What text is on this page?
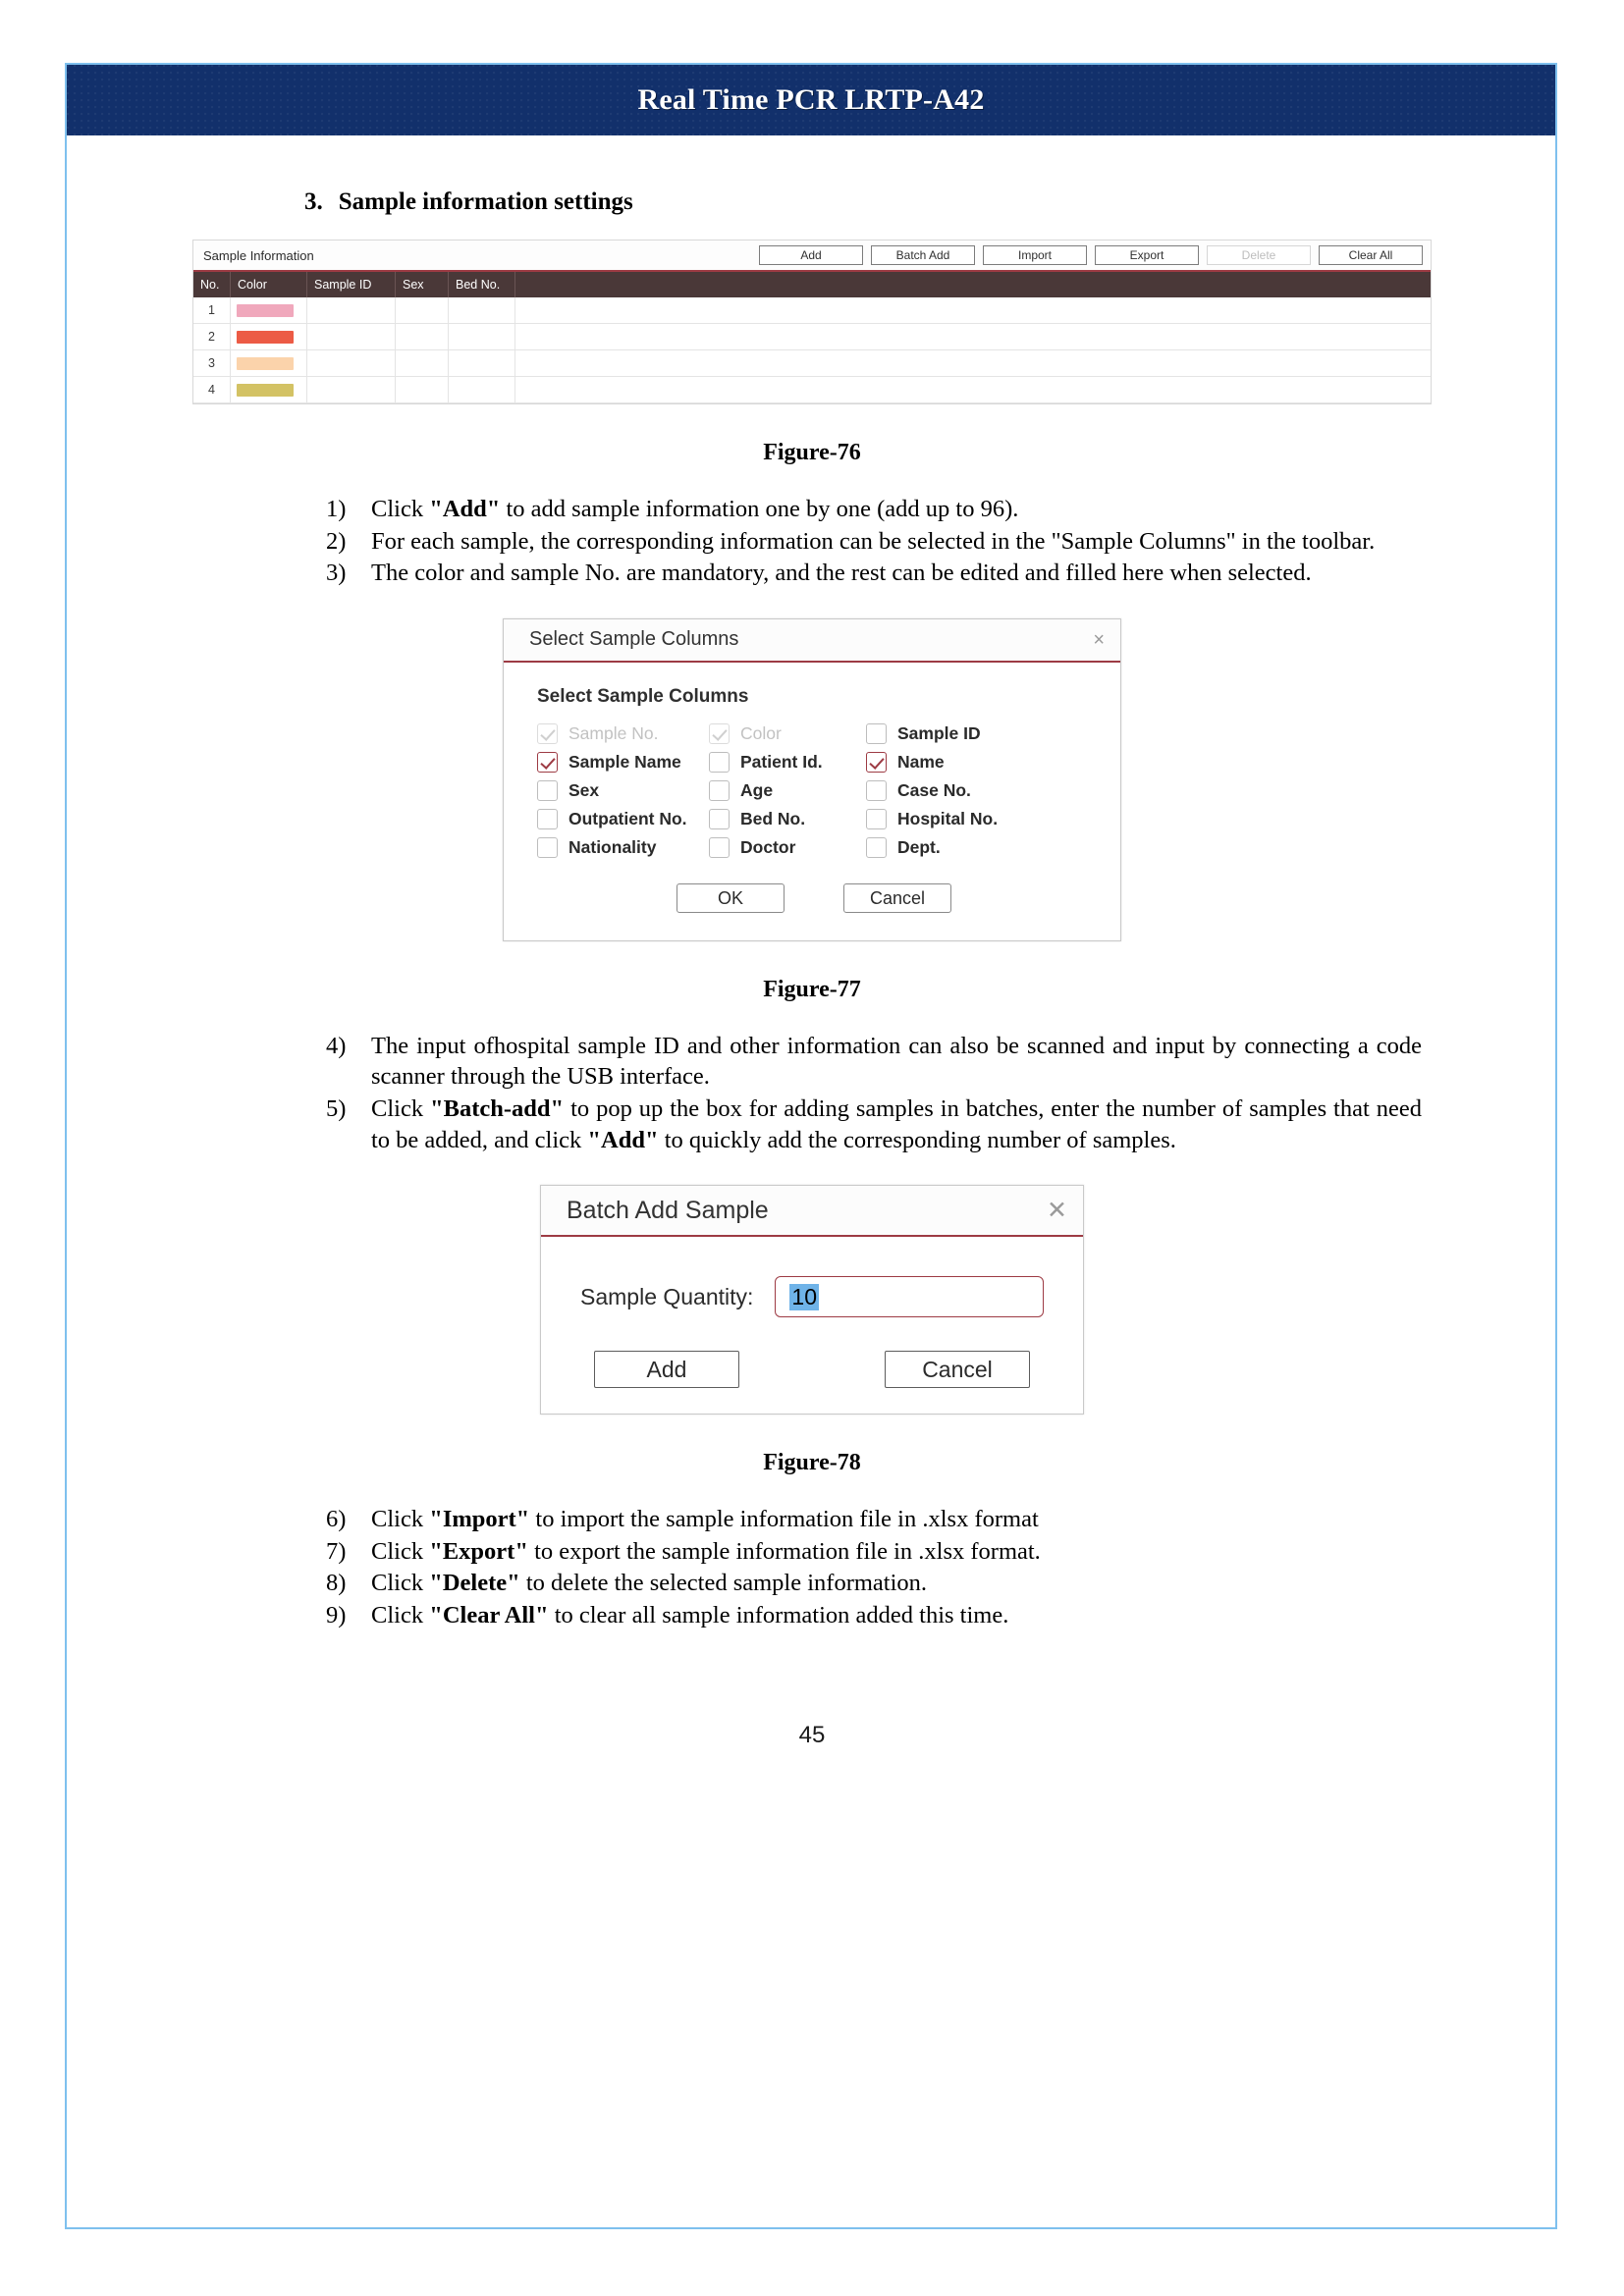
Real Time PCR LRTP-A42
3. Sample information settings
Sample Information	Add	Batch Add	Import	Export	Delete	Clear All
No.	Color	Sample ID	Sex	Bed No.
1
2
3
4
Figure-76
1)	Click "Add" to add sample information one by one (add up to 96).
2)	For each sample, the corresponding information can be selected in the "Sample Columns" in the toolbar.
3)	The color and sample No. are mandatory, and the rest can be edited and filled here when selected.
Select Sample Columns	×
Select Sample Columns
Sample No.	Color	Sample ID
Sample Name	Patient Id.	Name
Sex	Age	Case No.
Outpatient No.	Bed No.	Hospital No.
Nationality	Doctor	Dept.
OK	Cancel
Figure-77
4)	The input ofhospital sample ID and other information can also be scanned and input by connecting a code scanner through the USB interface.
5)	Click "Batch-add" to pop up the box for adding samples in batches, enter the number of samples that need to be added, and click "Add" to quickly add the corresponding number of samples.
Batch Add Sample	✕
Sample Quantity: 10
Add	Cancel
Figure-78
6)	Click "Import" to import the sample information file in .xlsx format
7)	Click "Export" to export the sample information file in .xlsx format.
8)	Click "Delete" to delete the selected sample information.
9)	Click "Clear All" to clear all sample information added this time.
45
